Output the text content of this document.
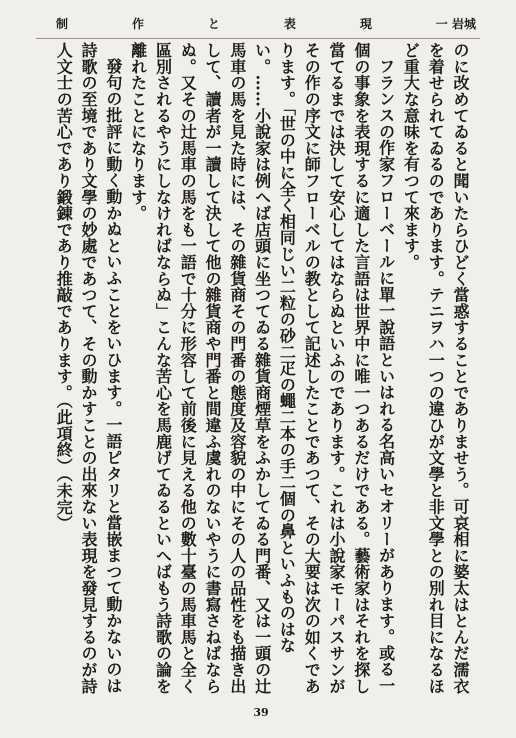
制	作	と	表	現	一 岩城

のに改めてゐると聞いたらひどく當惑することでありませう。可哀相に婆太はとんだ濡衣を着せられてゐるのであります。テニヲハ一つの違ひが文學と非文學との別れ目になるほど重大な意味を有つて來ます。

フランスの作家フローベールに單一說語といはれる名高いセオリーがあります。或る一個の事象を表現するに適した言語は世界中に唯一つあるだけである。藝術家はそれを探し當てるまでは決して安心してはならぬといふのであります。これは小說家モーパスサンがその作の序文に師フローベルの教として記述したことであつて、その大要は次の如くであります。「世の中に全く相同じい二粒の砂二疋の蠅二本の手二個の鼻といふものはない。……小說家は例へば店頭に坐つてゐる雜貨商煙草をふかしてゐる門番、又は一頭の辻馬車の馬を見た時には、その雜貨商その門番の態度及容貌の中にその人の品性をも描き出して、讀者が一讀して決して他の雜貨商や門番と間違ふ虞れのないやうに書寫さねばならぬ。又その辻馬車の馬をも一語で十分に形容して前後に見える他の數十臺の馬車馬と全く區別されるやうにしなければならぬ」こんな苦心を馬鹿げてゐるといへばもう詩歌の論を離れたことになります。

發句の批評に動く動かぬといふことをいひます。一語ピタリと當嵌まつて動かないのは詩歌の至境であり文學の妙處であつて、その動かすことの出來ない表現を發見するのが詩人文士の苦心であり鍛錬であり推敲であります。（此項終）（未完）

39
